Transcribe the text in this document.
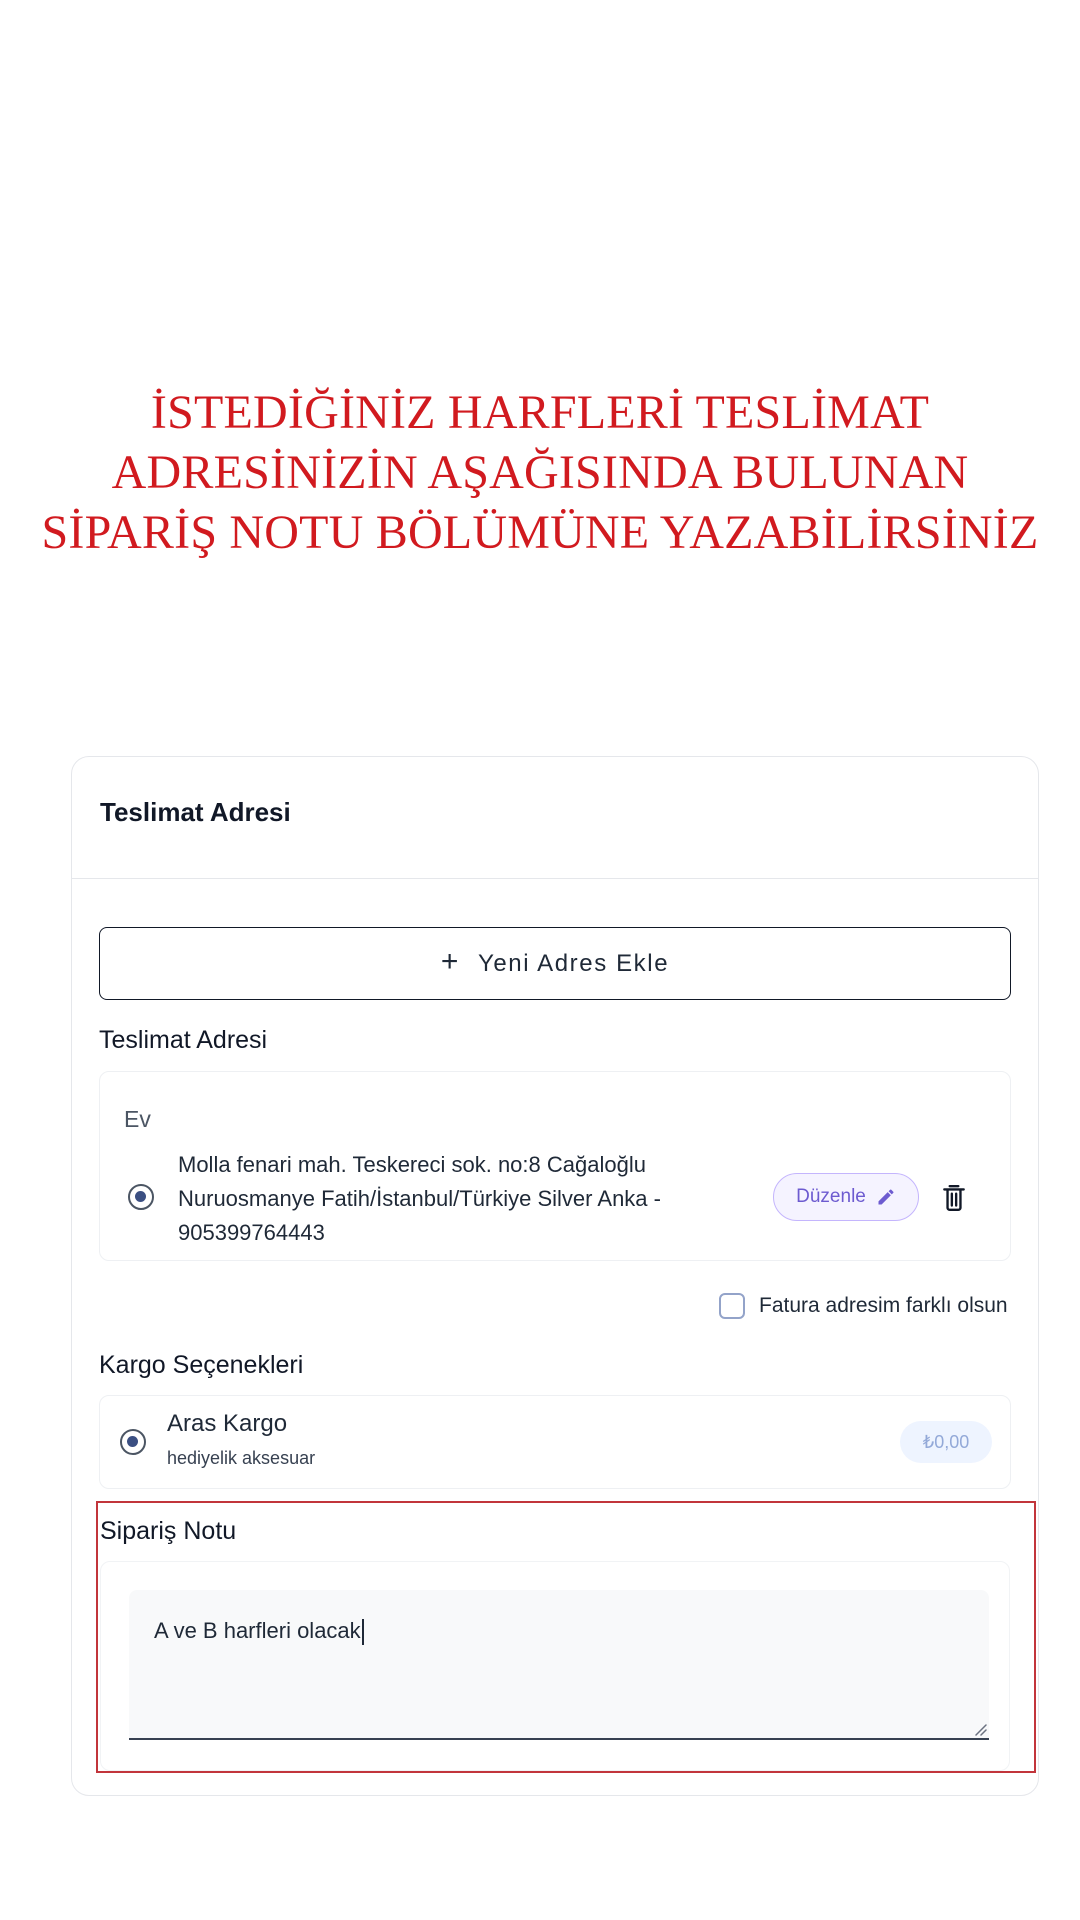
İSTEDİĞİNİZ HARFLERİ TESLİMAT
ADRESİNİZİN AŞAĞISINDA BULUNAN
SİPARİŞ NOTU BÖLÜMÜNE YAZABİLİRSİNİZ
Teslimat Adresi
+ Yeni Adres Ekle
Teslimat Adresi
Ev
Molla fenari mah. Teskereci sok. no:8 Cağaloğlu
Nuruosmanye Fatih/İstanbul/Türkiye Silver Anka -
905399764443
Düzenle
Fatura adresim farklı olsun
Kargo Seçenekleri
Aras Kargo
hediyelik aksesuar
₺0,00
Sipariş Notu
A ve B harfleri olacak
